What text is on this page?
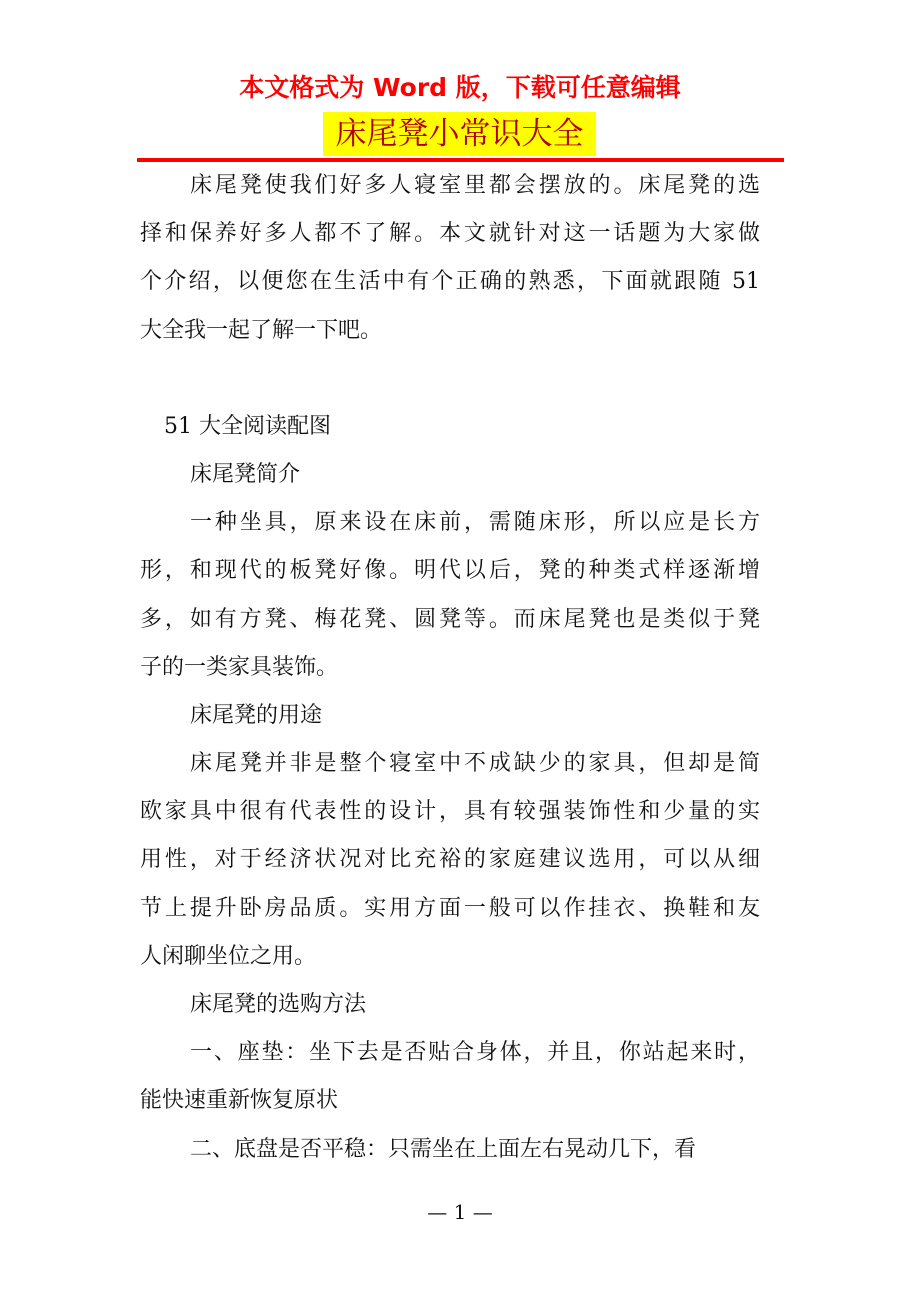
本文格式为 Word 版，下载可任意编辑
床尾凳小常识大全
床尾凳使我们好多人寝室里都会摆放的。床尾凳的选
择和保养好多人都不了解。本文就针对这一话题为大家做
个介绍，以便您在生活中有个正确的熟悉，下面就跟随 51
大全我一起了解一下吧。
51 大全阅读配图
床尾凳简介
一种坐具，原来设在床前，需随床形，所以应是长方
形，和现代的板凳好像。明代以后，凳的种类式样逐渐增
多，如有方凳、梅花凳、圆凳等。而床尾凳也是类似于凳
子的一类家具装饰。
床尾凳的用途
床尾凳并非是整个寝室中不成缺少的家具，但却是简
欧家具中很有代表性的设计，具有较强装饰性和少量的实
用性，对于经济状况对比充裕的家庭建议选用，可以从细
节上提升卧房品质。实用方面一般可以作挂衣、换鞋和友
人闲聊坐位之用。
床尾凳的选购方法
一、座垫：坐下去是否贴合身体，并且，你站起来时，
能快速重新恢复原状
二、底盘是否平稳：只需坐在上面左右晃动几下，看
— 1 —
